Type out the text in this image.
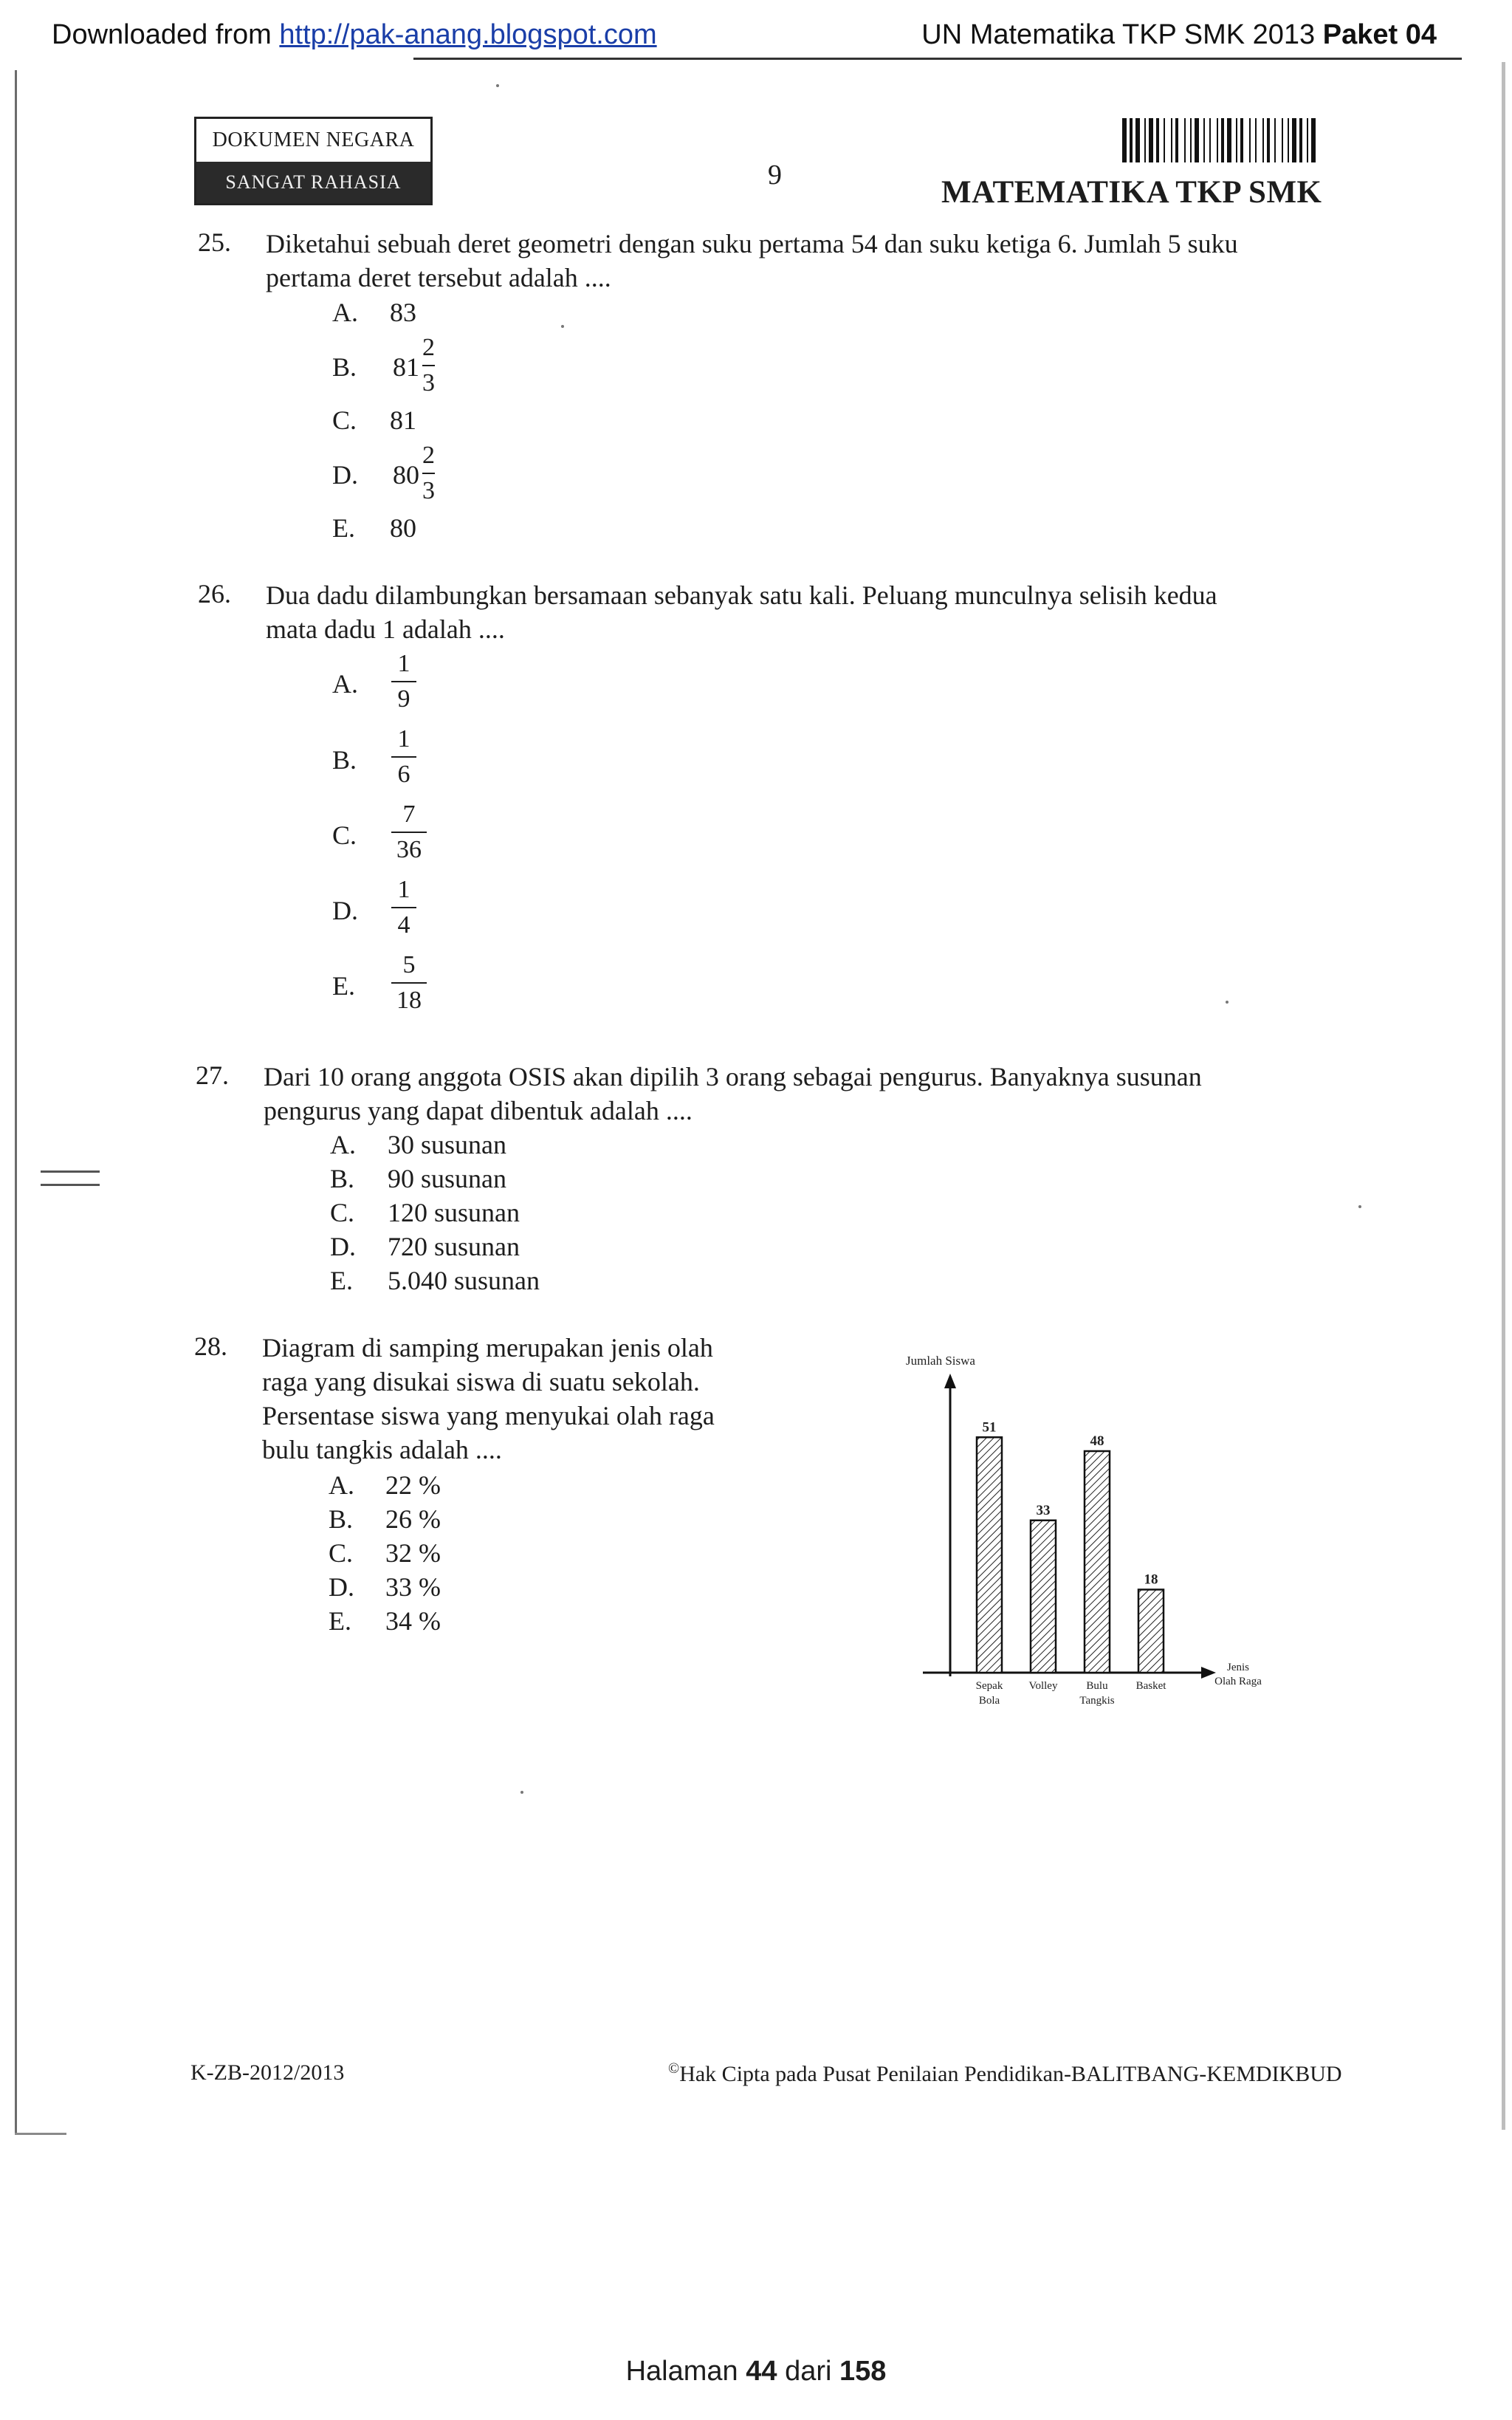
Downloaded from http://pak-anang.blogspot.com	UN Matematika TKP SMK 2013 Paket 04
DOKUMEN NEGARA
SANGAT RAHASIA	9	MATEMATIKA TKP SMK
25. Diketahui sebuah deret geometri dengan suku pertama 54 dan suku ketiga 6. Jumlah 5 suku
pertama deret tersebut adalah ....
A. 83
B. 81
2
3
C. 81
D. 80
2
3
E. 80
26. Dua dadu dilambungkan bersamaan sebanyak satu kali. Peluang munculnya selisih kedua
mata dadu 1 adalah ....
A.
1
9
B.
1
6
C.
7
36
D.
1
4
E.
5
18
27. Dari 10 orang anggota OSIS akan dipilih 3 orang sebagai pengurus. Banyaknya susunan
pengurus yang dapat dibentuk adalah ....
A. 30 susunan
B. 90 susunan
C. 120 susunan
D. 720 susunan
E. 5.040 susunan
28. Diagram di samping merupakan jenis olah
raga yang disukai siswa di suatu sekolah.
Persentase siswa yang menyukai olah raga
bulu tangkis adalah ....
A. 22 %
B. 26 %
C. 32 %
D. 33 %
E. 34 %
Jumlah Siswa
51
Sepak
Bola
33
Volley
48
Bulu
Tangkis
18
Basket
Jenis
Olah Raga
K-ZB-2012/2013	©Hak Cipta pada Pusat Penilaian Pendidikan-BALITBANG-KEMDIKBUD
Halaman 44 dari 158
